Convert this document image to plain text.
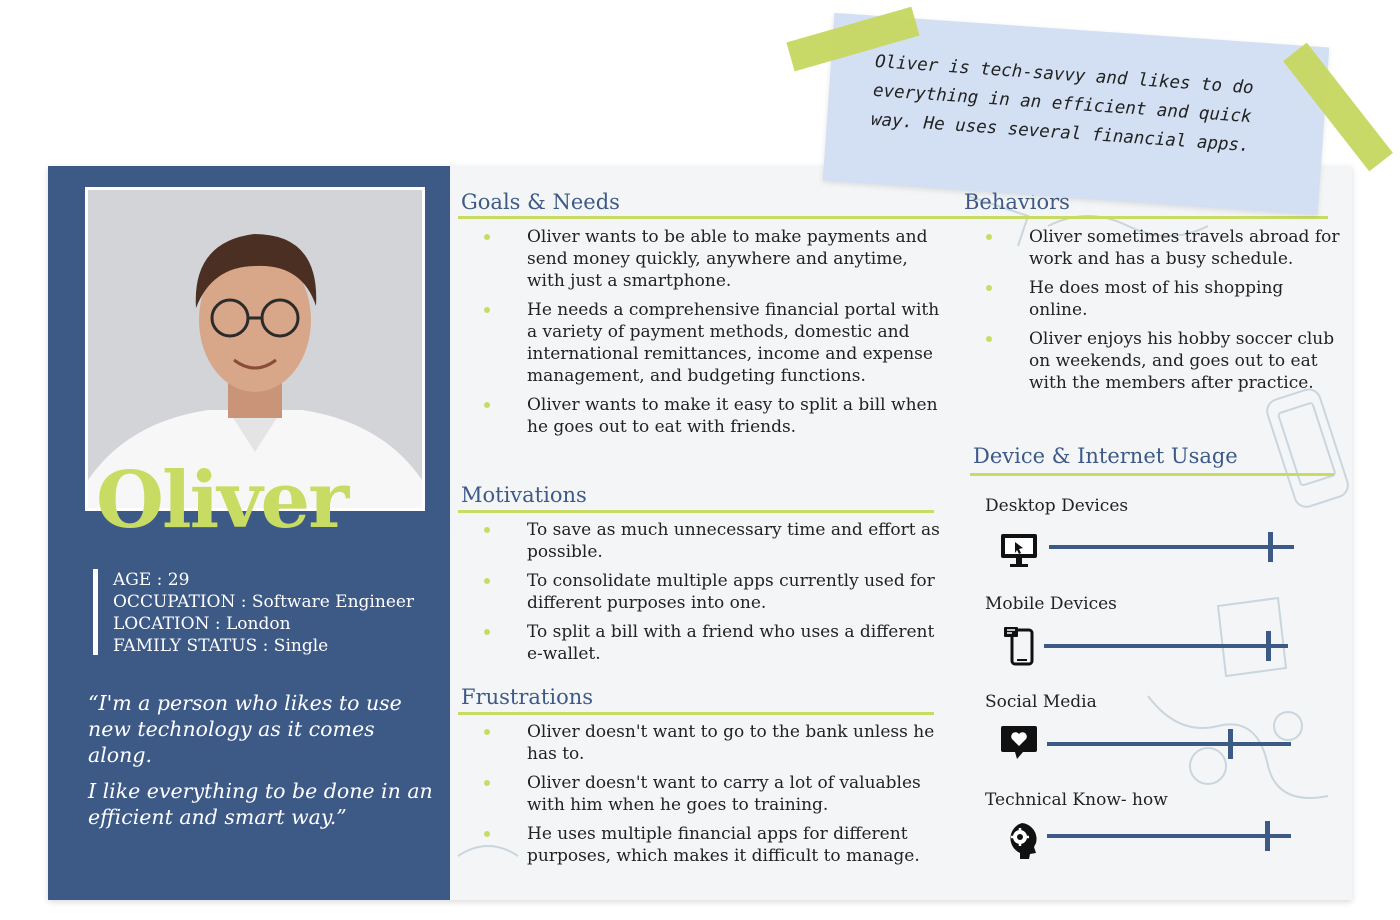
Oliver is tech-savvy and likes to do everything in an efficient and quick way. He uses several financial apps.
Oliver
AGE : 29
OCCUPATION : Software Engineer
LOCATION : London
FAMILY STATUS : Single

“I'm a person who likes to use new technology as it comes along.

I like everything to be done in an efficient and smart way.”

Goals & Needs
Oliver wants to be able to make payments and send money quickly, anywhere and anytime, with just a smartphone.
He needs a comprehensive financial portal with a variety of payment methods, domestic and international remittances, income and expense management, and budgeting functions.
Oliver wants to make it easy to split a bill when he goes out to eat with friends.
Motivations
To save as much unnecessary time and effort as possible.
To consolidate multiple apps currently used for different purposes into one.
To split a bill with a friend who uses a different e-wallet.
Frustrations
Oliver doesn't want to go to the bank unless he has to.
Oliver doesn't want to carry a lot of valuables with him when he goes to training.
He uses multiple financial apps for different purposes, which makes it difficult to manage.
Behaviors
Oliver sometimes travels abroad for work and has a busy schedule.
He does most of his shopping online.
Oliver enjoys his hobby soccer club on weekends, and goes out to eat with the members after practice.
Device & Internet Usage
Desktop Devices
Mobile Devices
Social Media
Technical Know- how
